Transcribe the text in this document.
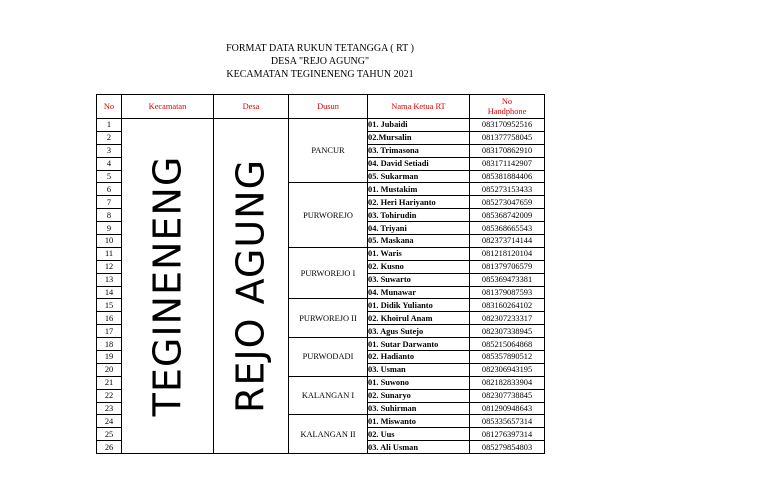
FORMAT DATA RUKUN TETANGGA ( RT )
DESA "REJO AGUNG"
KECAMATAN TEGINENENG TAHUN 2021
No	Kecamatan	Desa	Dusun	Nama Ketua RT	No
Handphone

1	TEGINENENG	REJO AGUNG	PANCUR	01. Jubaidi	083170952516
2				02.Mursalin	081377758045
3				03. Trimasona	083170862910
4				04. David Setiadi	083171142907
5				05. Sukarman	085381884406
6			PURWOREJO	01. Mustakim	085273153433
7				02. Heri Hariyanto	085273047659
8				03. Tohirudin	085368742009
9				04. Triyani	085368665543
10				05. Maskana	082373714144
11			PURWOREJO I	01. Waris	081218120104
12				02. Kusno	081379706579
13				03. Suwarto	085369473381
14				04. Munawar	081379087593
15			PURWOREJO II	01. Didik Yulianto	083160264102
16				02. Khoirul Anam	082307233317
17				03. Agus Sutejo	082307338945
18			PURWODADI	01. Sutar Darwanto	085215064868
19				02. Hadianto	085357890512
20				03. Usman	082306943195
21			KALANGAN I	01. Suwono	082182833904
22				02. Sunaryo	082307738845
23				03. Suhirman	081290948643
24			KALANGAN II	01. Miswanto	085335657314
25				02. Uus	081276397314
26				03. Ali Usman	085279854803
